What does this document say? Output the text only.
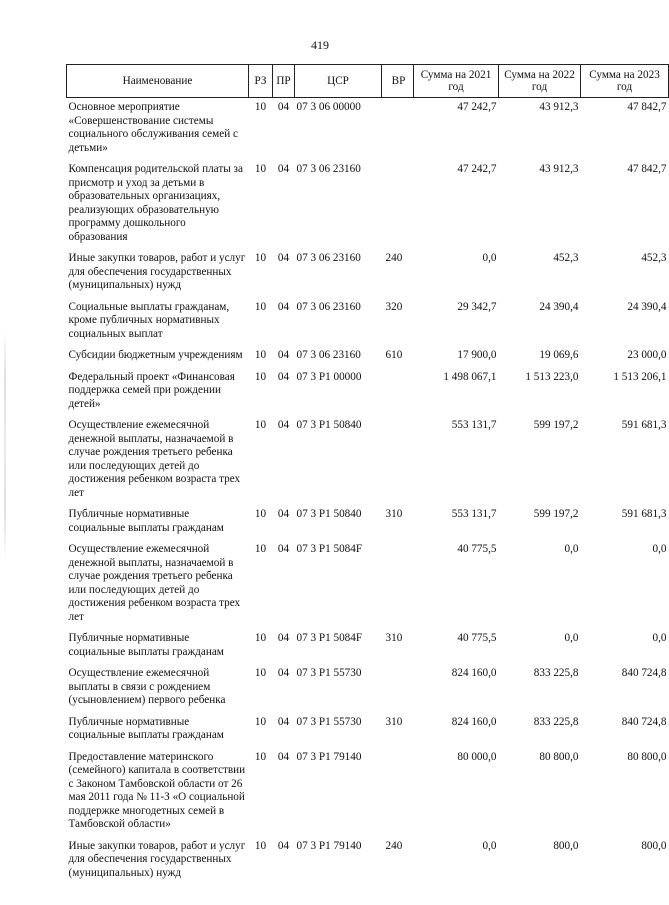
419
Наименование	РЗ	ПР	ЦСР	ВР	Сумма на 2021 год	Сумма на 2022 год	Сумма на 2023 год
Основное мероприятие «Совершенствование системы социального обслуживания семей с детьми»	10	04	07 3 06 00000		47 242,7	43 912,3	47 842,7
Компенсация родительской платы за присмотр и уход за детьми в образовательных организациях, реализующих образовательную программу дошкольного образования	10	04	07 3 06 23160		47 242,7	43 912,3	47 842,7
Иные закупки товаров, работ и услуг для обеспечения государственных (муниципальных) нужд	10	04	07 3 06 23160	240	0,0	452,3	452,3
Социальные выплаты гражданам, кроме публичных нормативных социальных выплат	10	04	07 3 06 23160	320	29 342,7	24 390,4	24 390,4
Субсидии бюджетным учреждениям	10	04	07 3 06 23160	610	17 900,0	19 069,6	23 000,0
Федеральный проект «Финансовая поддержка семей при рождении детей»	10	04	07 3 P1 00000		1 498 067,1	1 513 223,0	1 513 206,1
Осуществление ежемесячной денежной выплаты, назначаемой в случае рождения третьего ребенка или последующих детей до достижения ребенком возраста трех лет	10	04	07 3 P1 50840		553 131,7	599 197,2	591 681,3
Публичные нормативные социальные выплаты гражданам	10	04	07 3 P1 50840	310	553 131,7	599 197,2	591 681,3
Осуществление ежемесячной денежной выплаты, назначаемой в случае рождения третьего ребенка или последующих детей до достижения ребенком возраста трех лет	10	04	07 3 P1 5084F		40 775,5	0,0	0,0
Публичные нормативные социальные выплаты гражданам	10	04	07 3 P1 5084F	310	40 775,5	0,0	0,0
Осуществление ежемесячной выплаты в связи с рождением (усыновлением) первого ребенка	10	04	07 3 P1 55730		824 160,0	833 225,8	840 724,8
Публичные нормативные социальные выплаты гражданам	10	04	07 3 P1 55730	310	824 160,0	833 225,8	840 724,8
Предоставление материнского (семейного) капитала в соответствии с Законом Тамбовской области от 26 мая 2011 года № 11-З «О социальной поддержке многодетных семей в Тамбовской области»	10	04	07 3 P1 79140		80 000,0	80 800,0	80 800,0
Иные закупки товаров, работ и услуг для обеспечения государственных (муниципальных) нужд	10	04	07 3 P1 79140	240	0,0	800,0	800,0
